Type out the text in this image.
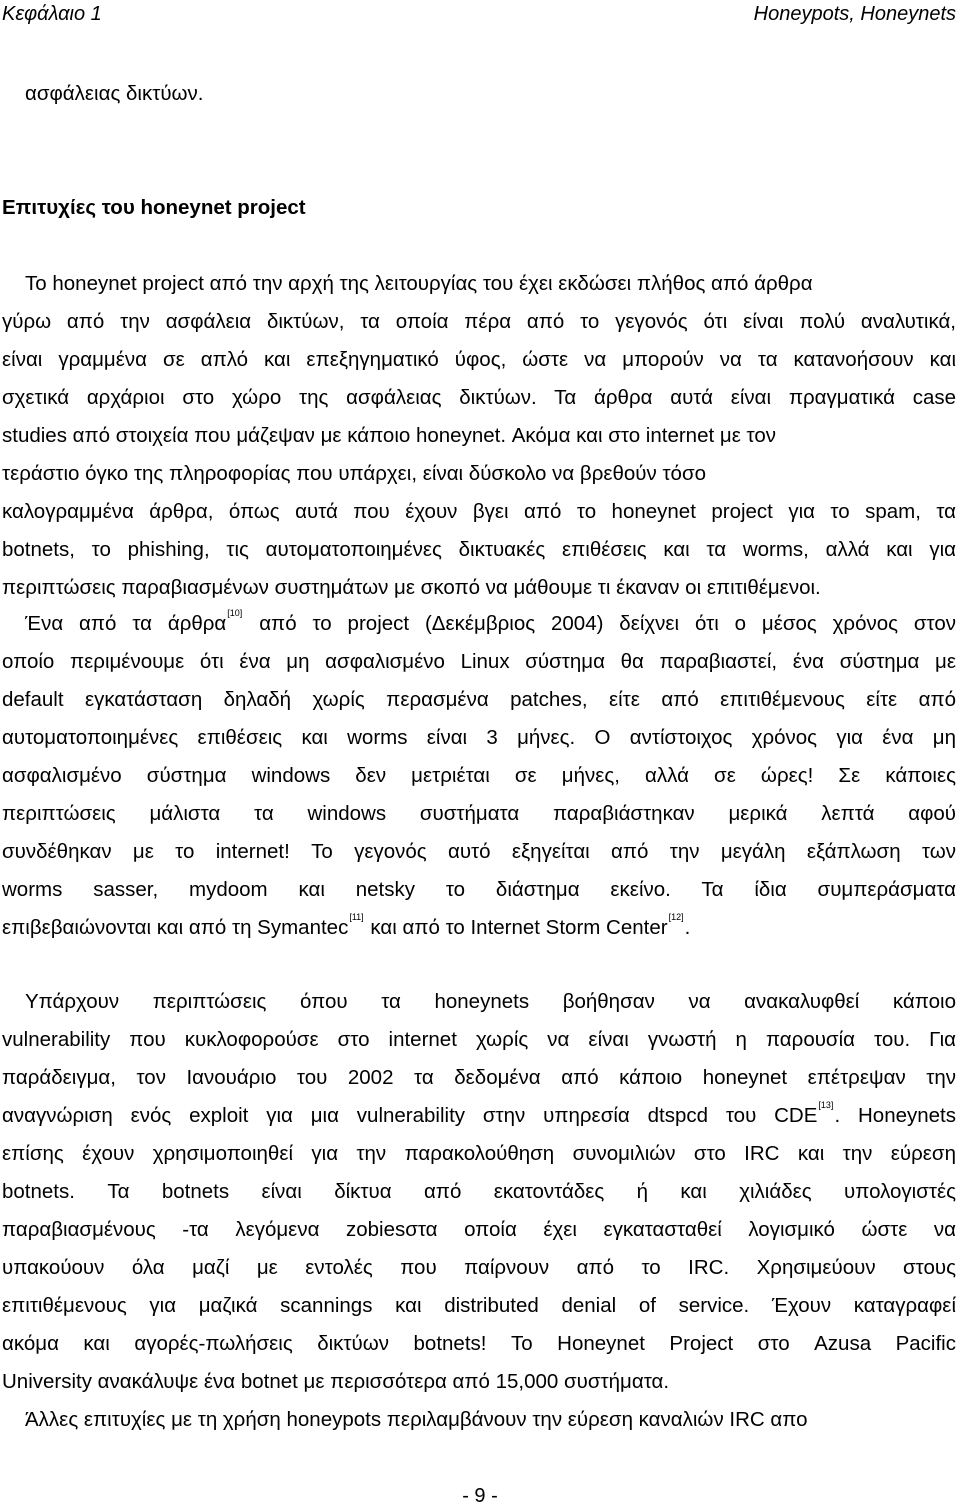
Κεφάλαιο 1	Honeypots, Honeynets
ασφάλειας δικτύων.
Επιτυχίες του honeynet project
Το honeynet project από την αρχή της λειτουργίας του έχει εκδώσει πλήθος από άρθρα
γύρω από την ασφάλεια δικτύων, τα οποία πέρα από το γεγονός ότι είναι πολύ αναλυτικά,
είναι γραμμένα σε απλό και επεξηγηματικό ύφος, ώστε να μπορούν να τα κατανοήσουν και
σχετικά αρχάριοι στο χώρο της ασφάλειας δικτύων. Τα άρθρα αυτά είναι πραγματικά case
studies από στοιχεία που μάζεψαν με κάποιο honeynet. Ακόμα και στο internet με τον
τεράστιο όγκο της πληροφορίας που υπάρχει, είναι δύσκολο να βρεθούν τόσο
καλογραμμένα άρθρα, όπως αυτά που έχουν βγει από το honeynet project για το spam, τα
botnets, το phishing, τις αυτοματοποιημένες δικτυακές επιθέσεις και τα worms, αλλά και για
περιπτώσεις παραβιασμένων συστημάτων με σκοπό να μάθουμε τι έκαναν οι επιτιθέμενοι.
Ένα από τα άρθρα[10] από το project (Δεκέμβριος 2004) δείχνει ότι ο μέσος χρόνος στον
οποίο περιμένουμε ότι ένα μη ασφαλισμένο Linux σύστημα θα παραβιαστεί, ένα σύστημα με
default εγκατάσταση δηλαδή χωρίς περασμένα patches, είτε από επιτιθέμενους είτε από
αυτοματοποιημένες επιθέσεις και worms είναι 3 μήνες. Ο αντίστοιχος χρόνος για ένα μη
ασφαλισμένο σύστημα windows δεν μετριέται σε μήνες, αλλά σε ώρες! Σε κάποιες
περιπτώσεις μάλιστα τα windows συστήματα παραβιάστηκαν μερικά λεπτά αφού
συνδέθηκαν με το internet! Το γεγονός αυτό εξηγείται από την μεγάλη εξάπλωση των
worms sasser, mydoom και netsky το διάστημα εκείνο. Τα ίδια συμπεράσματα
επιβεβαιώνονται και από τη Symantec[11] και από το Internet Storm Center[12].
Υπάρχουν περιπτώσεις όπου τα honeynets βοήθησαν να ανακαλυφθεί κάποιο
vulnerability που κυκλοφορούσε στο internet χωρίς να είναι γνωστή η παρουσία του. Για
παράδειγμα, τον Ιανουάριο του 2002 τα δεδομένα από κάποιο honeynet επέτρεψαν την
αναγνώριση ενός exploit για μια vulnerability στην υπηρεσία dtspcd του CDE[13]. Honeynets
επίσης έχουν χρησιμοποιηθεί για την παρακολούθηση συνομιλιών στο IRC και την εύρεση
botnets. Τα botnets είναι δίκτυα από εκατοντάδες ή και χιλιάδες υπολογιστές
παραβιασμένους -τα λεγόμενα zobiesστα οποία έχει εγκατασταθεί λογισμικό ώστε να
υπακούουν όλα μαζί με εντολές που παίρνουν από το IRC. Χρησιμεύουν στους
επιτιθέμενους για μαζικά scannings και distributed denial of service. Έχουν καταγραφεί
ακόμα και αγορές-πωλήσεις δικτύων botnets! Το Honeynet Project στο Azusa Pacific
University ανακάλυψε ένα botnet με περισσότερα από 15,000 συστήματα.
Άλλες επιτυχίες με τη χρήση honeypots περιλαμβάνουν την εύρεση καναλιών IRC απο
- 9 -
